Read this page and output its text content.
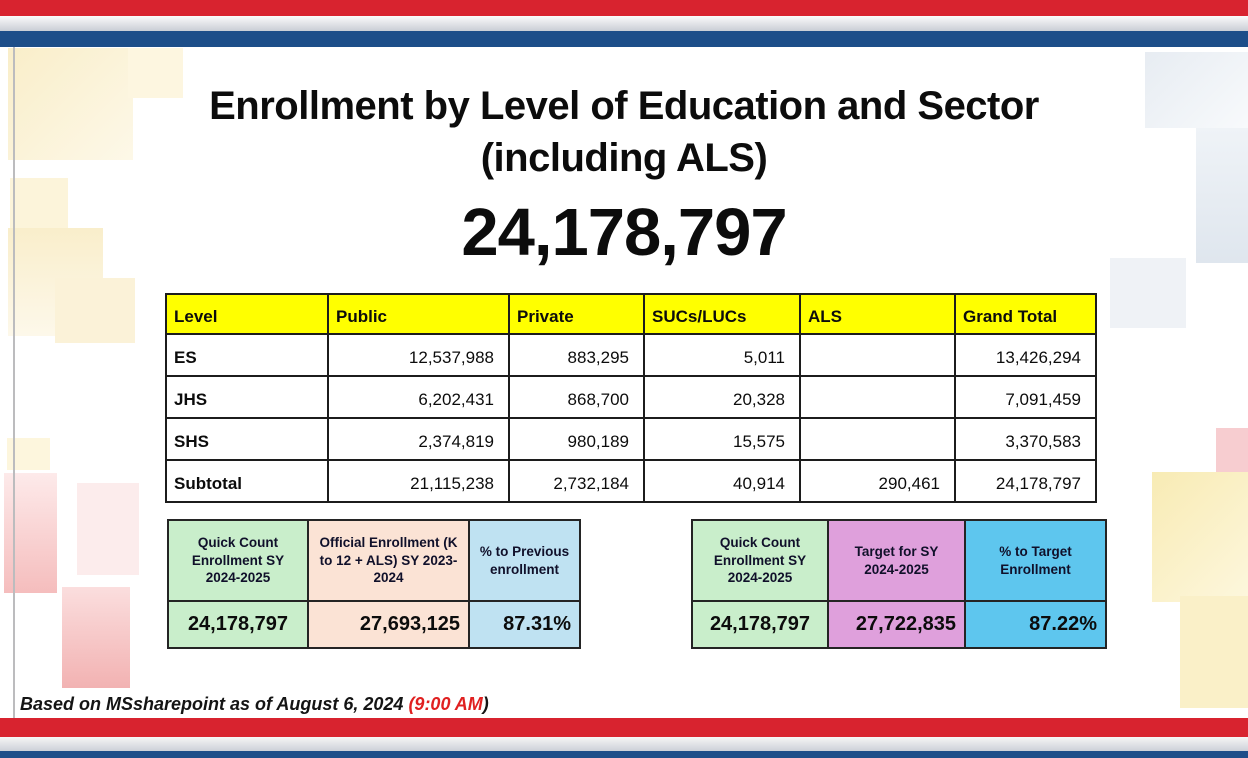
Enrollment by Level of Education and Sector
(including ALS)
24,178,797
Level	Public	Private	SUCs/LUCs	ALS	Grand Total
ES	12,537,988	883,295	5,011		13,426,294
JHS	6,202,431	868,700	20,328		7,091,459
SHS	2,374,819	980,189	15,575		3,370,583
Subtotal	21,115,238	2,732,184	40,914	290,461	24,178,797
Quick Count Enrollment SY 2024-2025	Official Enrollment (K to 12 + ALS) SY 2023-2024	% to Previous enrollment
24,178,797	27,693,125	87.31%
Quick Count Enrollment SY 2024-2025	Target for SY 2024-2025	% to Target Enrollment
24,178,797	27,722,835	87.22%
Based on MSsharepoint as of August 6, 2024 (9:00 AM)
